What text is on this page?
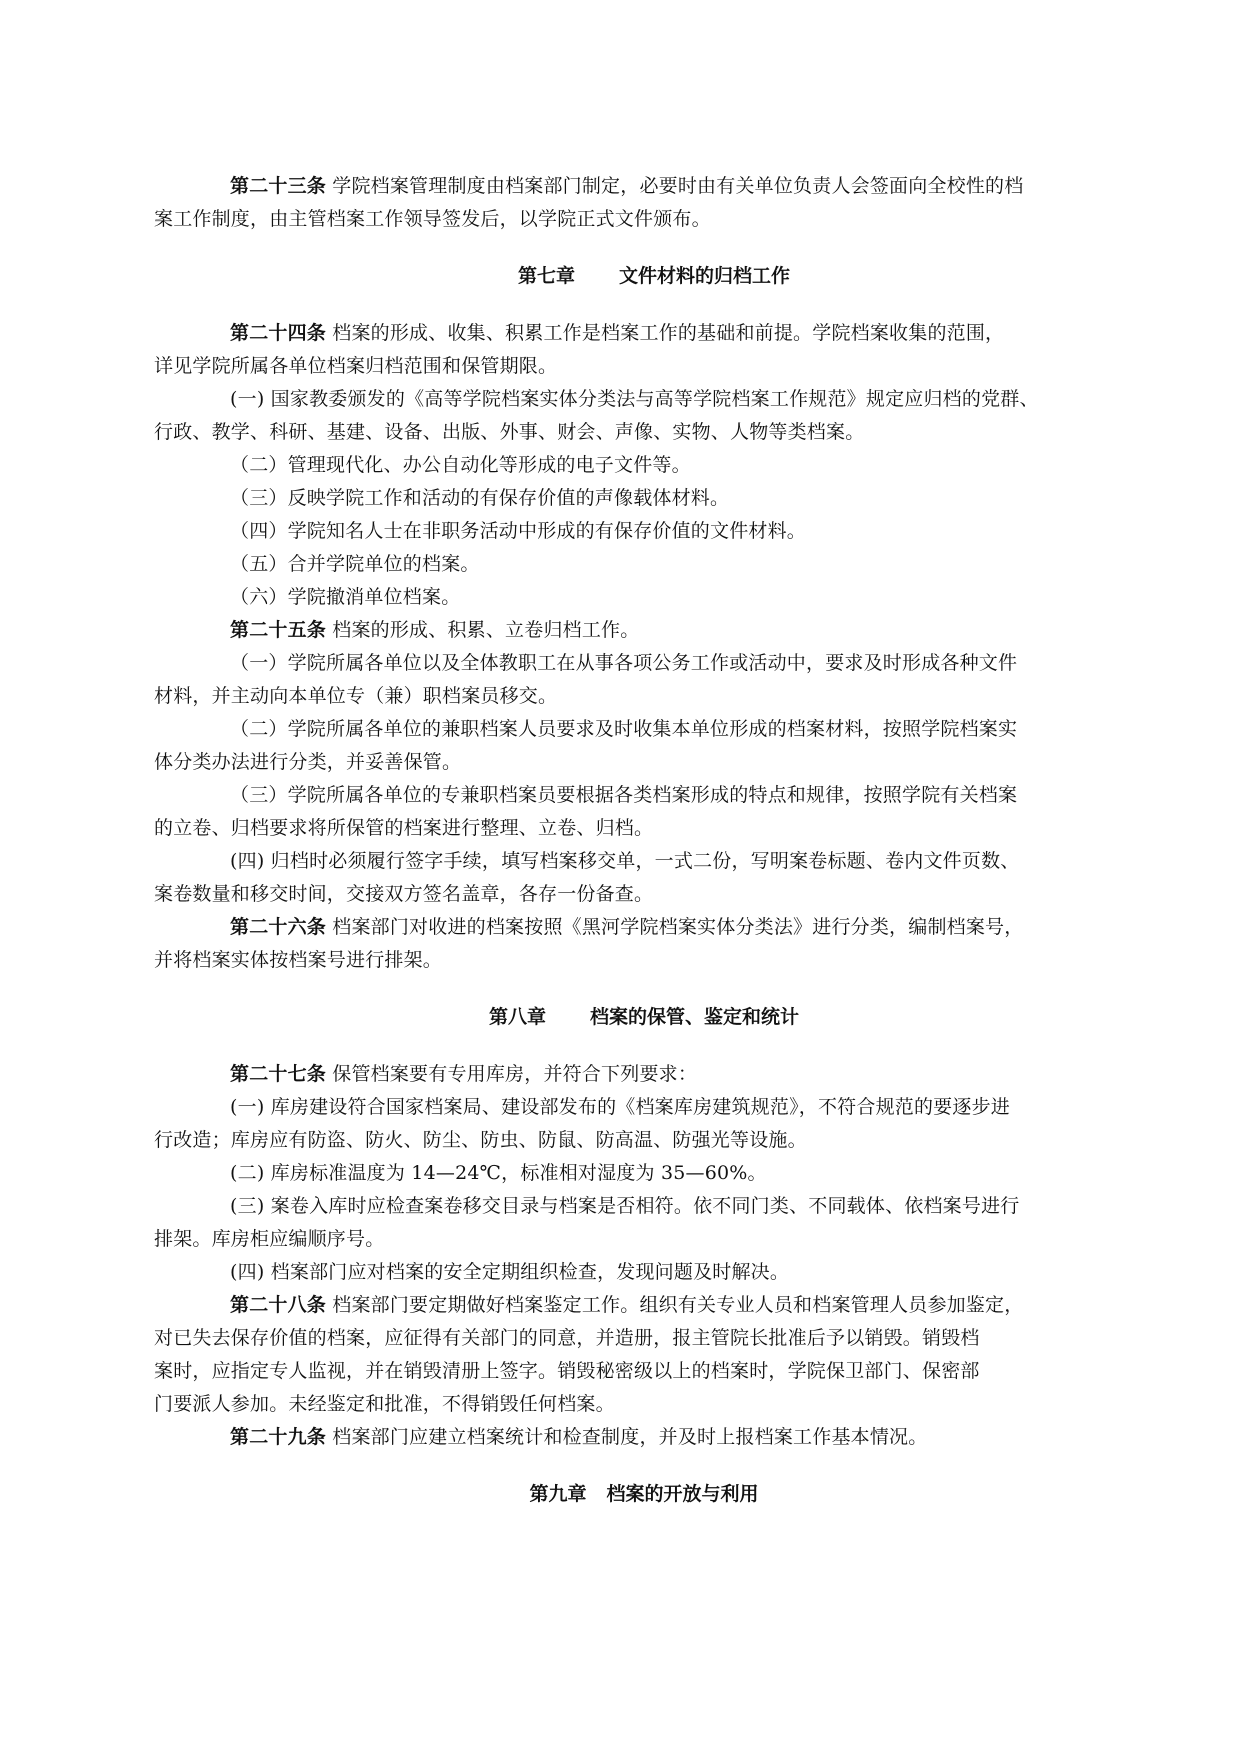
第二十三条 学院档案管理制度由档案部门制定，必要时由有关单位负责人会签面向全校性的档
案工作制度，由主管档案工作领导签发后，以学院正式文件颁布。

第七章 文件材料的归档工作

第二十四条 档案的形成、收集、积累工作是档案工作的基础和前提。学院档案收集的范围，
详见学院所属各单位档案归档范围和保管期限。

(一) 国家教委颁发的《高等学院档案实体分类法与高等学院档案工作规范》规定应归档的党群、
行政、教学、科研、基建、设备、出版、外事、财会、声像、实物、人物等类档案。

（二）管理现代化、办公自动化等形成的电子文件等。

（三）反映学院工作和活动的有保存价值的声像载体材料。

（四）学院知名人士在非职务活动中形成的有保存价值的文件材料。

（五）合并学院单位的档案。

（六）学院撤消单位档案。

第二十五条 档案的形成、积累、立卷归档工作。

（一）学院所属各单位以及全体教职工在从事各项公务工作或活动中，要求及时形成各种文件
材料，并主动向本单位专（兼）职档案员移交。

（二）学院所属各单位的兼职档案人员要求及时收集本单位形成的档案材料，按照学院档案实
体分类办法进行分类，并妥善保管。

（三）学院所属各单位的专兼职档案员要根据各类档案形成的特点和规律，按照学院有关档案
的立卷、归档要求将所保管的档案进行整理、立卷、归档。

(四) 归档时必须履行签字手续，填写档案移交单，一式二份，写明案卷标题、卷内文件页数、
案卷数量和移交时间，交接双方签名盖章，各存一份备查。

第二十六条 档案部门对收进的档案按照《黑河学院档案实体分类法》进行分类，编制档案号，
并将档案实体按档案号进行排架。

第八章 档案的保管、鉴定和统计

第二十七条 保管档案要有专用库房，并符合下列要求：

(一) 库房建设符合国家档案局、建设部发布的《档案库房建筑规范》，不符合规范的要逐步进
行改造；库房应有防盗、防火、防尘、防虫、防鼠、防高温、防强光等设施。

(二) 库房标准温度为 14—24℃，标准相对湿度为 35—60%。

(三) 案卷入库时应检查案卷移交目录与档案是否相符。依不同门类、不同载体、依档案号进行
排架。库房柜应编顺序号。

(四) 档案部门应对档案的安全定期组织检查，发现问题及时解决。

第二十八条 档案部门要定期做好档案鉴定工作。组织有关专业人员和档案管理人员参加鉴定，
对已失去保存价值的档案，应征得有关部门的同意，并造册，报主管院长批准后予以销毁。销毁档
案时，应指定专人监视，并在销毁清册上签字。销毁秘密级以上的档案时，学院保卫部门、保密部
门要派人参加。未经鉴定和批准，不得销毁任何档案。

第二十九条 档案部门应建立档案统计和检查制度，并及时上报档案工作基本情况。

第九章 档案的开放与利用
